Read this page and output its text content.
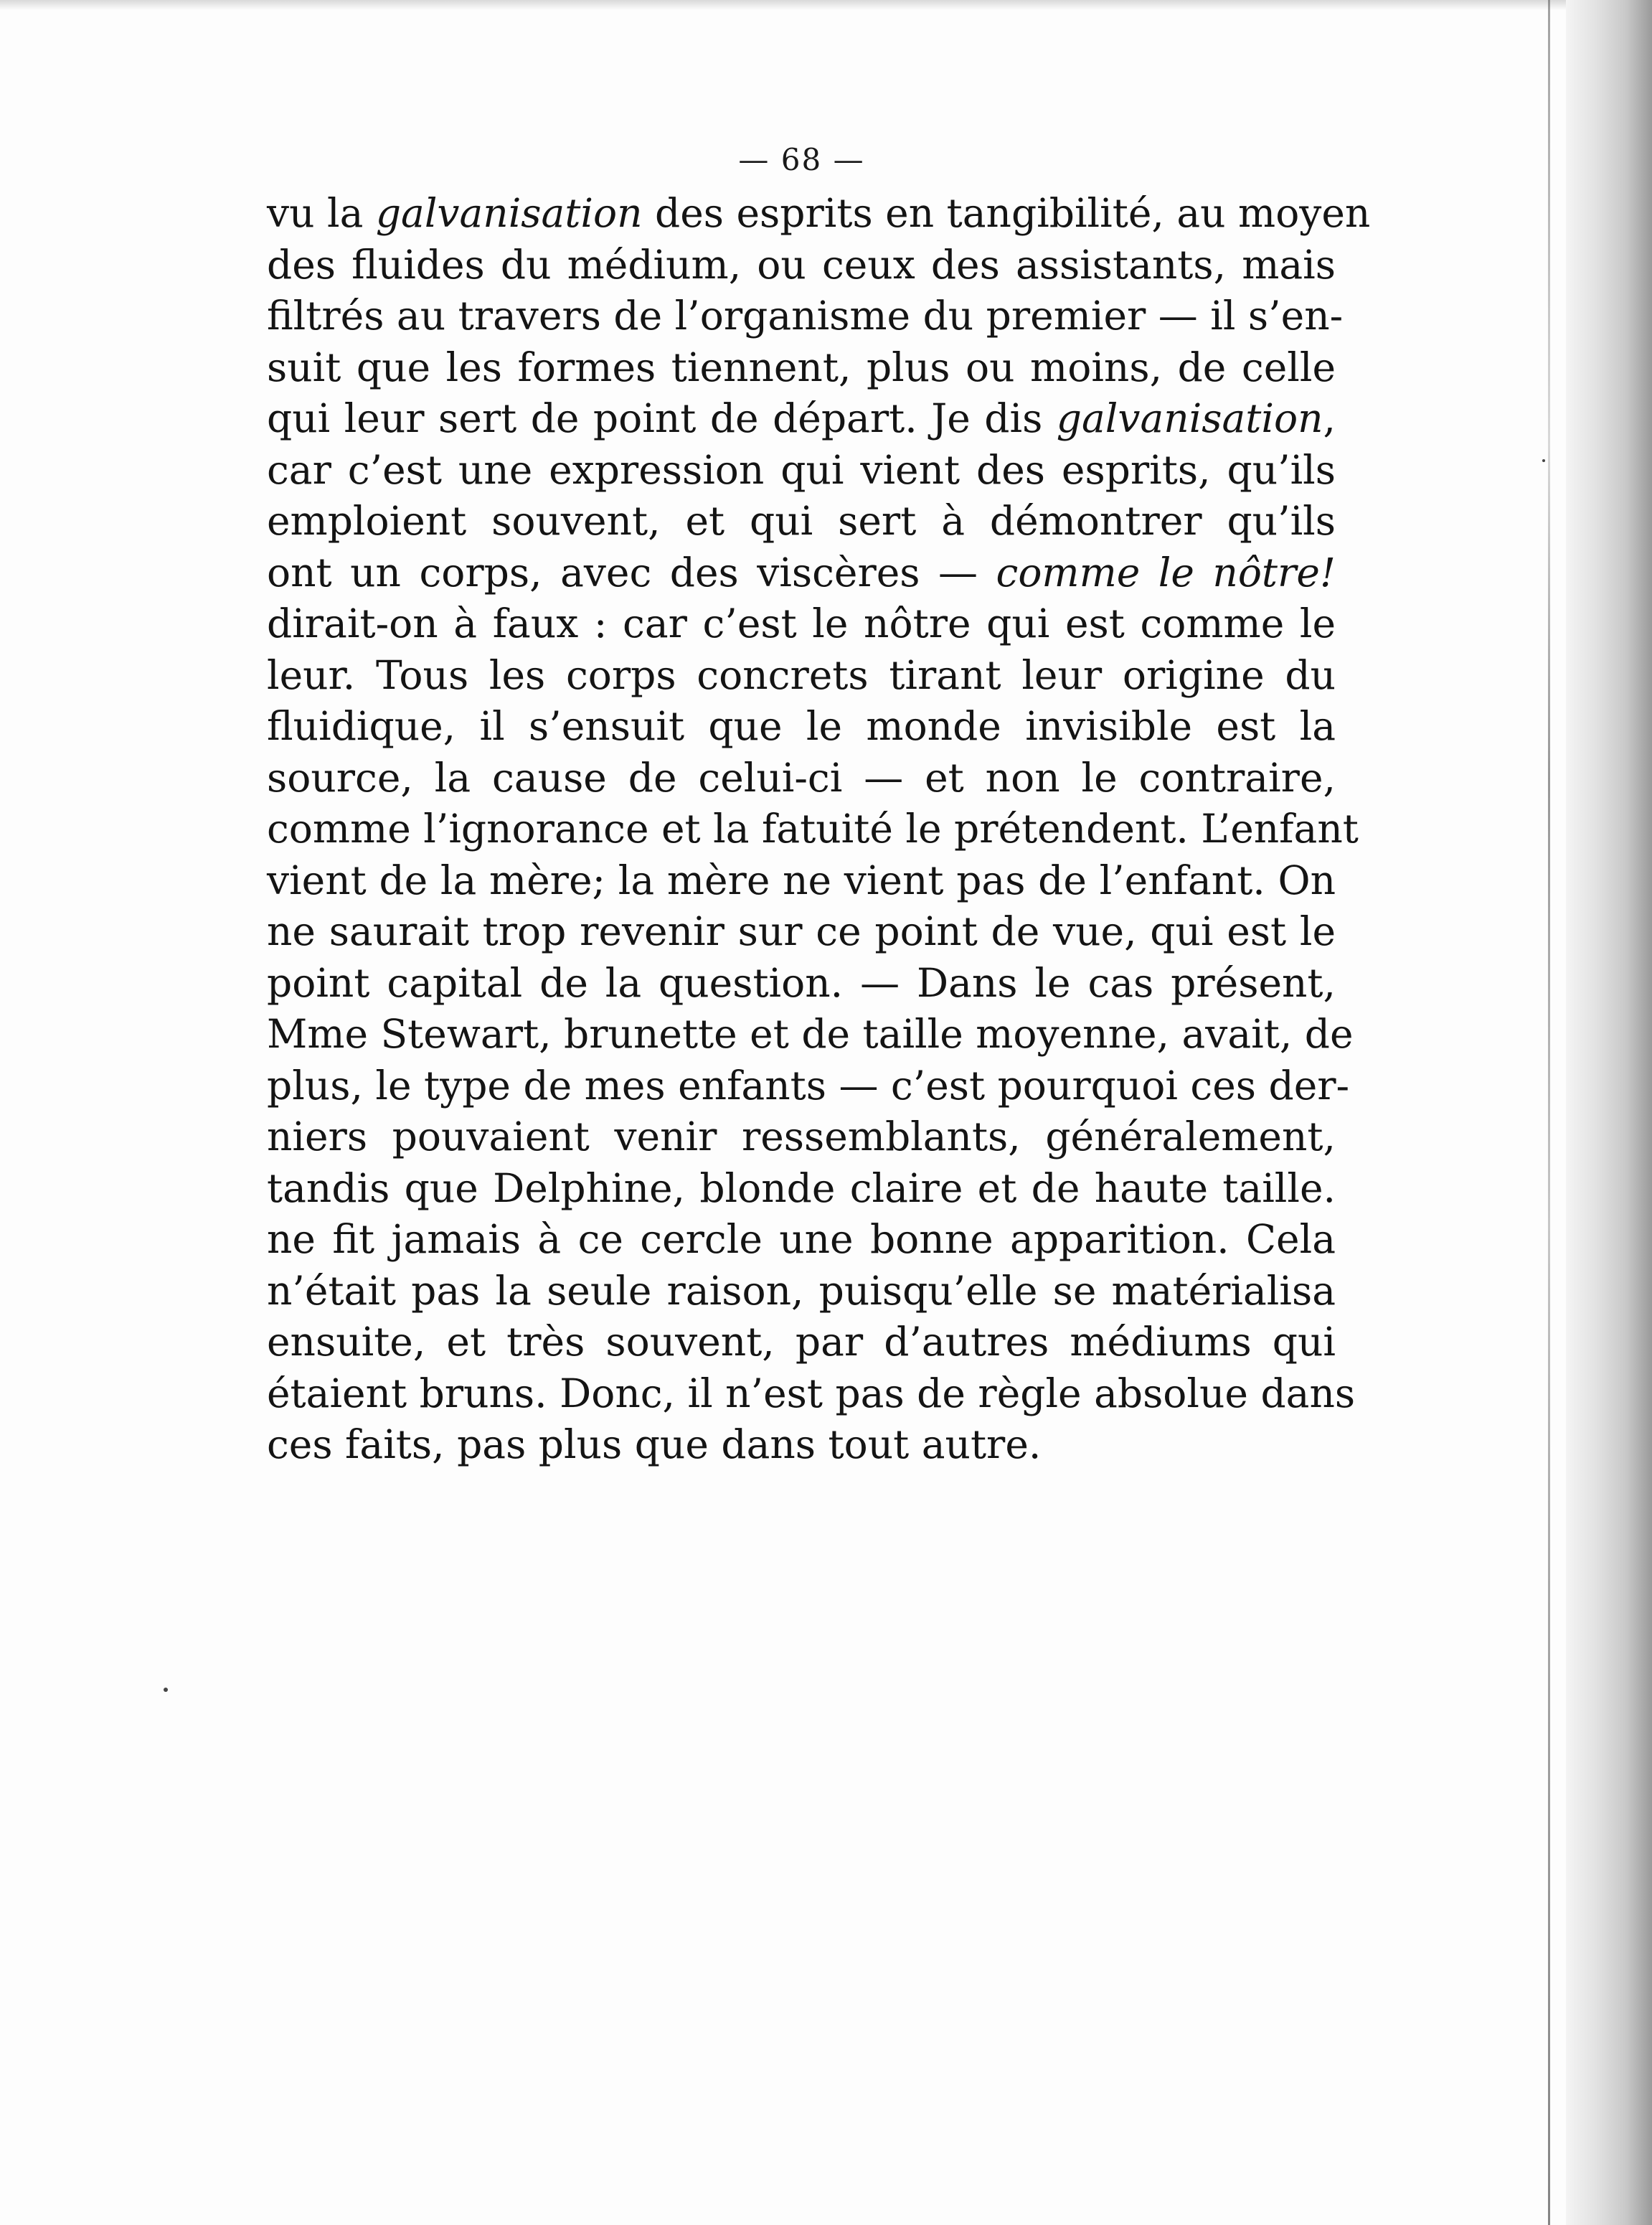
— 68 —
vu la galvanisation des esprits en tangibilité, au moyen
des fluides du médium, ou ceux des assistants, mais
filtrés au travers de l’organisme du premier — il s’en-
suit que les formes tiennent, plus ou moins, de celle
qui leur sert de point de départ. Je dis galvanisation,
car c’est une expression qui vient des esprits, qu’ils
emploient souvent, et qui sert à démontrer qu’ils
ont un corps, avec des viscères — comme le nôtre!
dirait-on à faux : car c’est le nôtre qui est comme le
leur. Tous les corps concrets tirant leur origine du
fluidique, il s’ensuit que le monde invisible est la
source, la cause de celui-ci — et non le contraire,
comme l’ignorance et la fatuité le prétendent. L’enfant
vient de la mère; la mère ne vient pas de l’enfant. On
ne saurait trop revenir sur ce point de vue, qui est le
point capital de la question. — Dans le cas présent,
Mme Stewart, brunette et de taille moyenne, avait, de
plus, le type de mes enfants — c’est pourquoi ces der-
niers pouvaient venir ressemblants, généralement,
tandis que Delphine, blonde claire et de haute taille.
ne fit jamais à ce cercle une bonne apparition. Cela
n’était pas la seule raison, puisqu’elle se matérialisa
ensuite, et très souvent, par d’autres médiums qui
étaient bruns. Donc, il n’est pas de règle absolue dans
ces faits, pas plus que dans tout autre.
